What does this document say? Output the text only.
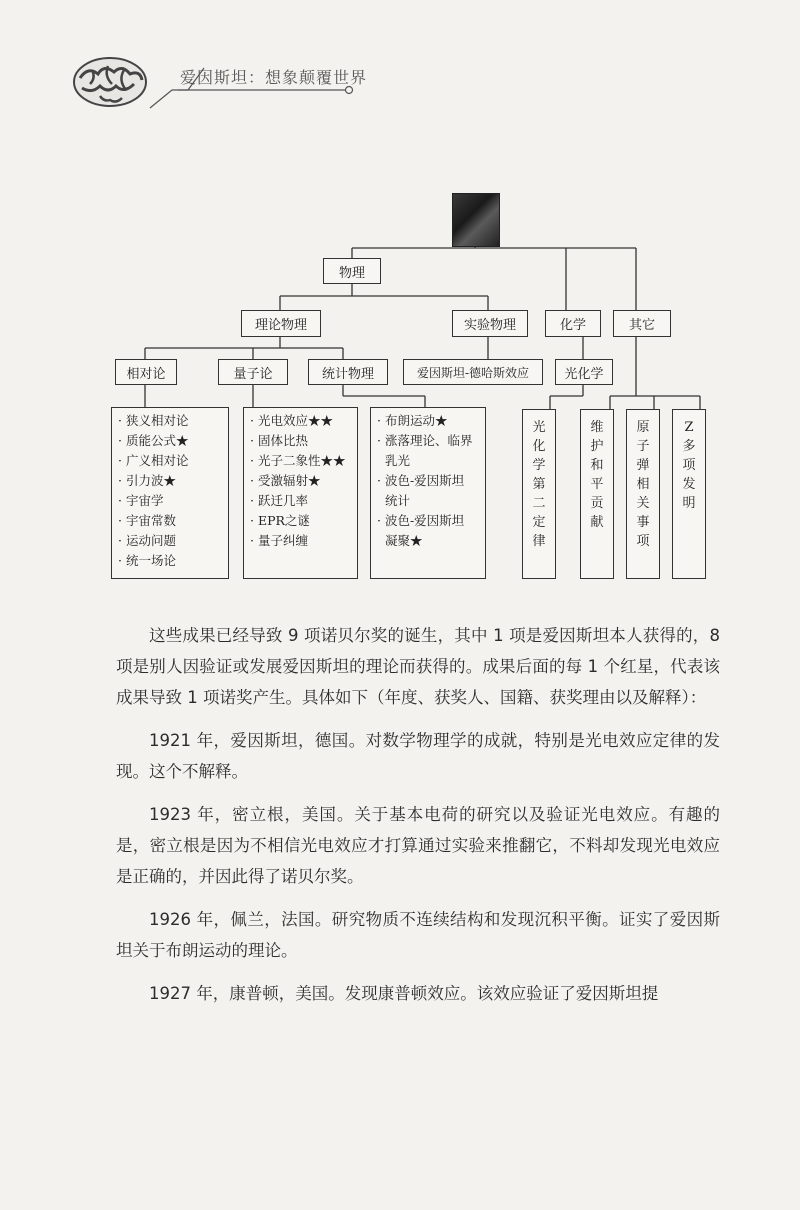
爱因斯坦：想象颠覆世界
物理
理论物理	实验物理	化学	其它
相对论	量子论	统计物理	爱因斯坦-德哈斯效应	光化学
· 狭义相对论
· 质能公式★
· 广义相对论
· 引力波★
· 宇宙学
· 宇宙常数
· 运动问题
· 统一场论
· 光电效应★★
· 固体比热
· 光子二象性★★
· 受激辐射★
· 跃迁几率
· EPR之谜
· 量子纠缠
· 布朗运动★
· 涨落理论、临界
乳光
· 波色-爱因斯坦
统计
· 波色-爱因斯坦
凝聚★
光
化
学
第
二
定
律
维
护
和
平
贡
献
原
子
弹
相
关
事
项
Z
多
项
发
明

这些成果已经导致 9 项诺贝尔奖的诞生，其中 1 项是爱因斯坦本人获得的，8 项是别人因验证或发展爱因斯坦的理论而获得的。成果后面的每 1 个红星，代表该成果导致 1 项诺奖产生。具体如下（年度、获奖人、国籍、获奖理由以及解释）：

1921 年，爱因斯坦，德国。对数学物理学的成就，特别是光电效应定律的发现。这个不解释。

1923 年，密立根，美国。关于基本电荷的研究以及验证光电效应。有趣的是，密立根是因为不相信光电效应才打算通过实验来推翻它，不料却发现光电效应是正确的，并因此得了诺贝尔奖。

1926 年，佩兰，法国。研究物质不连续结构和发现沉积平衡。证实了爱因斯坦关于布朗运动的理论。

1927 年，康普顿，美国。发现康普顿效应。该效应验证了爱因斯坦提
